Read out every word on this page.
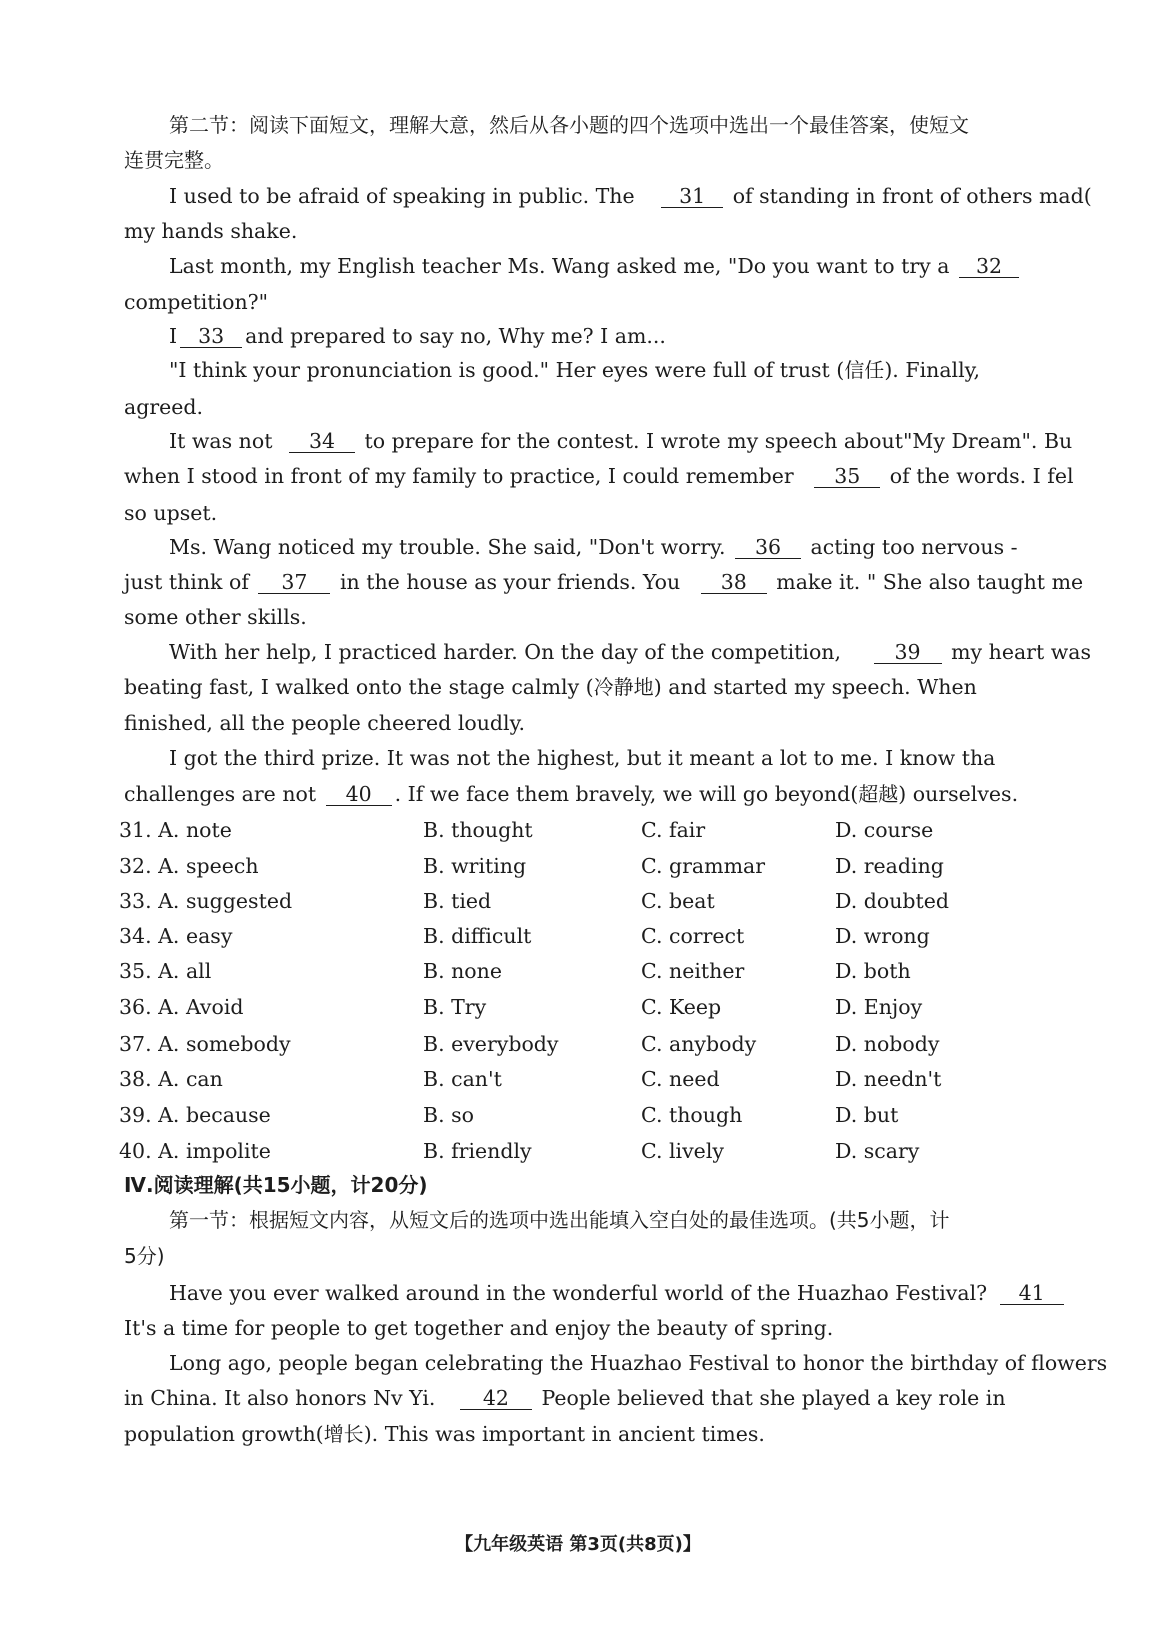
第二节：阅读下面短文，理解大意，然后从各小题的四个选项中选出一个最佳答案，使短文
连贯完整。
I used to be afraid of speaking in public. The 31 of standing in front of others mad(
my hands shake.
Last month, my English teacher Ms. Wang asked me, "Do you want to try a 32
competition?"
I 33 and prepared to say no, Why me? I am...
"I think your pronunciation is good." Her eyes were full of trust (信任). Finally,
agreed.
It was not 34 to prepare for the contest. I wrote my speech about"My Dream". Bu
when I stood in front of my family to practice, I could remember 35 of the words. I fel
so upset.
Ms. Wang noticed my trouble. She said, "Don't worry. 36 acting too nervous -
just think of 37 in the house as your friends. You 38 make it. " She also taught me
some other skills.
With her help, I practiced harder. On the day of the competition,	39 my heart was
beating fast, I walked onto the stage calmly (冷静地) and started my speech. When
finished, all the people cheered loudly.
I got the third prize. It was not the highest, but it meant a lot to me. I know tha
challenges are not 40 . If we face them bravely, we will go beyond(超越) ourselves.
31. A. note	B. thought	C. fair	D. course
32. A. speech	B. writing	C. grammar	D. reading
33. A. suggested	B. tied	C. beat	D. doubted
34. A. easy	B. difficult	C. correct	D. wrong
35. A. all	B. none	C. neither	D. both
36. A. Avoid	B. Try	C. Keep	D. Enjoy
37. A. somebody	B. everybody	C. anybody	D. nobody
38. A. can	B. can't	C. need	D. needn't
39. A. because	B. so	C. though	D. but
40. A. impolite	B. friendly	C. lively	D. scary
Ⅳ.阅读理解(共15小题，计20分)
第一节：根据短文内容，从短文后的选项中选出能填入空白处的最佳选项。(共5小题，计
5分)
Have you ever walked around in the wonderful world of the Huazhao Festival? 41
It's a time for people to get together and enjoy the beauty of spring.
Long ago, people began celebrating the Huazhao Festival to honor the birthday of flowers
in China. It also honors Nv Yi. 42 People believed that she played a key role in
population growth(增长). This was important in ancient times.
【九年级英语 第3页(共8页)】
